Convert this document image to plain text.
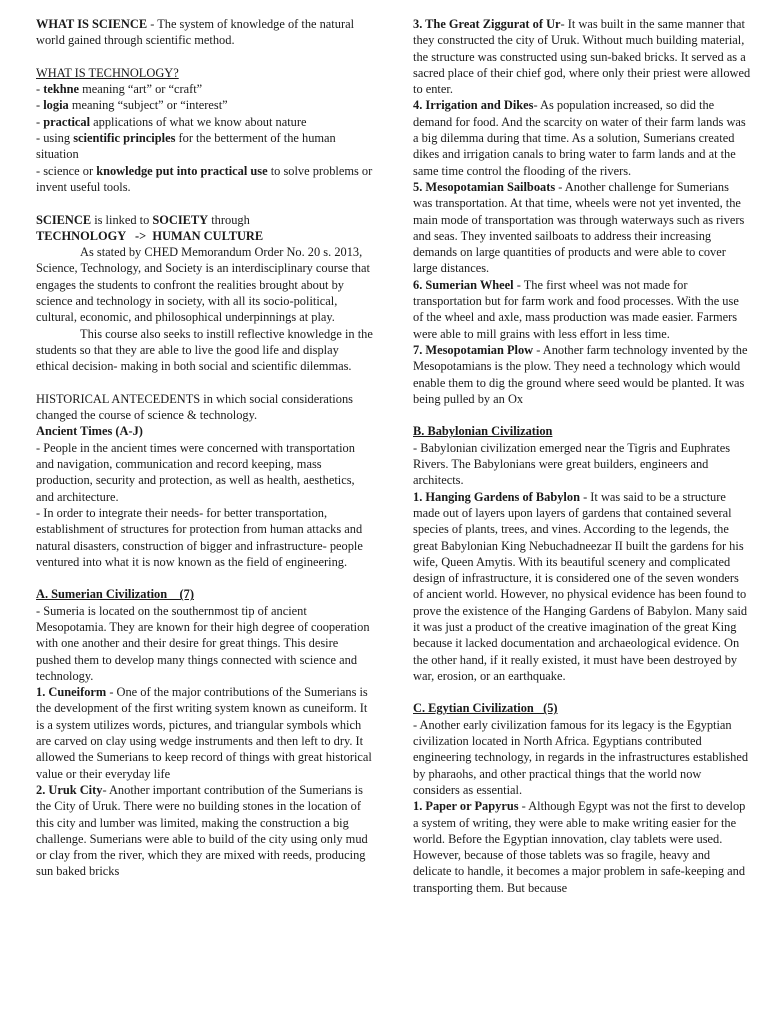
WHAT IS SCIENCE - The system of knowledge of the natural world gained through scientific method.

WHAT IS TECHNOLOGY?

- tekhne meaning “art” or “craft”

- logia meaning “subject” or “interest”

- practical applications of what we know about nature

- using scientific principles for the betterment of the human situation

- science or knowledge put into practical use to solve problems or invent useful tools.

SCIENCE is linked to SOCIETY through

TECHNOLOGY   ->  HUMAN CULTURE

As stated by CHED Memorandum Order No. 20 s. 2013, Science, Technology, and Society is an interdisciplinary course that engages the students to confront the realities brought about by science and technology in society, with all its socio-political, cultural, economic, and philosophical underpinnings at play.

This course also seeks to instill reflective knowledge in the students so that they are able to live the good life and display ethical decision- making in both social and scientific dilemmas.

HISTORICAL ANTECEDENTS in which social considerations changed the course of science & technology.

Ancient Times (A-J)

- People in the ancient times were concerned with transportation and navigation, communication and record keeping, mass production, security and protection, as well as health, aesthetics, and architecture.

- In order to integrate their needs- for better transportation, establishment of structures for protection from human attacks and natural disasters, construction of bigger and infrastructure- people ventured into what it is now known as the field of engineering.

A. Sumerian Civilization    (7)

- Sumeria is located on the southernmost tip of ancient Mesopotamia. They are known for their high degree of cooperation with one another and their desire for great things. This desire pushed them to develop many things connected with science and technology.

1. Cuneiform - One of the major contributions of the Sumerians is the development of the first writing system known as cuneiform. It is a system utilizes words, pictures, and triangular symbols which are carved on clay using wedge instruments and then left to dry. It allowed the Sumerians to keep record of things with great historical value or their everyday life

2. Uruk City- Another important contribution of the Sumerians is the City of Uruk. There were no building stones in the location of this city and lumber was limited, making the construction a big challenge. Sumerians were able to build of the city using only mud or clay from the river, which they are mixed with reeds, producing sun baked bricks

3. The Great Ziggurat of Ur- It was built in the same manner that they constructed the city of Uruk. Without much building material, the structure was constructed using sun-baked bricks. It served as a sacred place of their chief god, where only their priest were allowed to enter.

4. Irrigation and Dikes- As population increased, so did the demand for food. And the scarcity on water of their farm lands was a big dilemma during that time. As a solution, Sumerians created dikes and irrigation canals to bring water to farm lands and at the same time control the flooding of the rivers.

5. Mesopotamian Sailboats - Another challenge for Sumerians was transportation. At that time, wheels were not yet invented, the main mode of transportation was through waterways such as rivers and seas. They invented sailboats to address their increasing demands on large quantities of products and were able to cover large distances.

6. Sumerian Wheel - The first wheel was not made for transportation but for farm work and food processes. With the use of the wheel and axle, mass production was made easier. Farmers were able to mill grains with less effort in less time.

7. Mesopotamian Plow - Another farm technology invented by the Mesopotamians is the plow. They need a technology which would enable them to dig the ground where seed would be planted. It was being pulled by an Ox

B. Babylonian Civilization

- Babylonian civilization emerged near the Tigris and Euphrates Rivers. The Babylonians were great builders, engineers and architects.

1. Hanging Gardens of Babylon - It was said to be a structure made out of layers upon layers of gardens that contained several species of plants, trees, and vines. According to the legends, the great Babylonian King Nebuchadneezar II built the gardens for his wife, Queen Amytis. With its beautiful scenery and complicated design of infrastructure, it is considered one of the seven wonders of ancient world. However, no physical evidence has been found to prove the existence of the Hanging Gardens of Babylon. Many said it was just a product of the creative imagination of the great King because it lacked documentation and archaeological evidence. On the other hand, if it really existed, it must have been destroyed by war, erosion, or an earthquake.

C. Egytian Civilization   (5)

- Another early civilization famous for its legacy is the Egyptian civilization located in North Africa. Egyptians contributed engineering technology, in regards in the infrastructures established by pharaohs, and other practical things that the world now considers as essential.

1. Paper or Papyrus - Although Egypt was not the first to develop a system of writing, they were able to make writing easier for the world. Before the Egyptian innovation, clay tablets were used. However, because of those tablets was so fragile, heavy and delicate to handle, it becomes a major problem in safe-keeping and transporting them. But because
